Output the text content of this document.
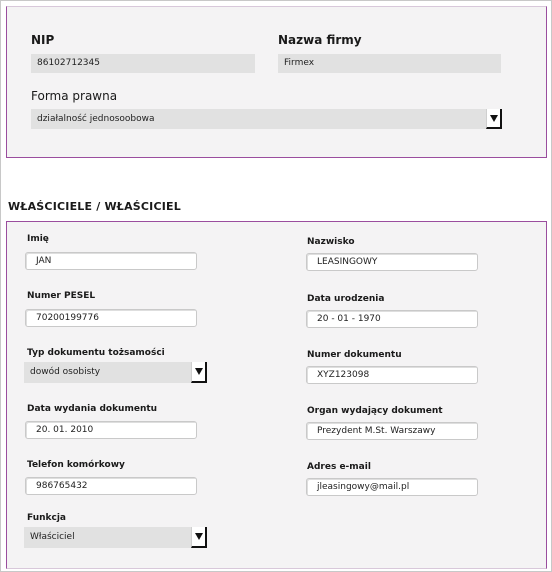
NIP
86102712345
Nazwa firmy
Firmex
Forma prawna
działalność jednosoobowa
WŁAŚCICIELE / WŁAŚCICIEL
Imię
JAN
Nazwisko
LEASINGOWY
Numer PESEL
70200199776
Data urodzenia
20 - 01 - 1970
Typ dokumentu tożsamości
dowód osobisty
Numer dokumentu
XYZ123098
Data wydania dokumentu
20. 01. 2010
Organ wydający dokument
Prezydent M.St. Warszawy
Telefon komórkowy
986765432
Adres e-mail
jleasingowy@mail.pl
Funkcja
Właściciel
